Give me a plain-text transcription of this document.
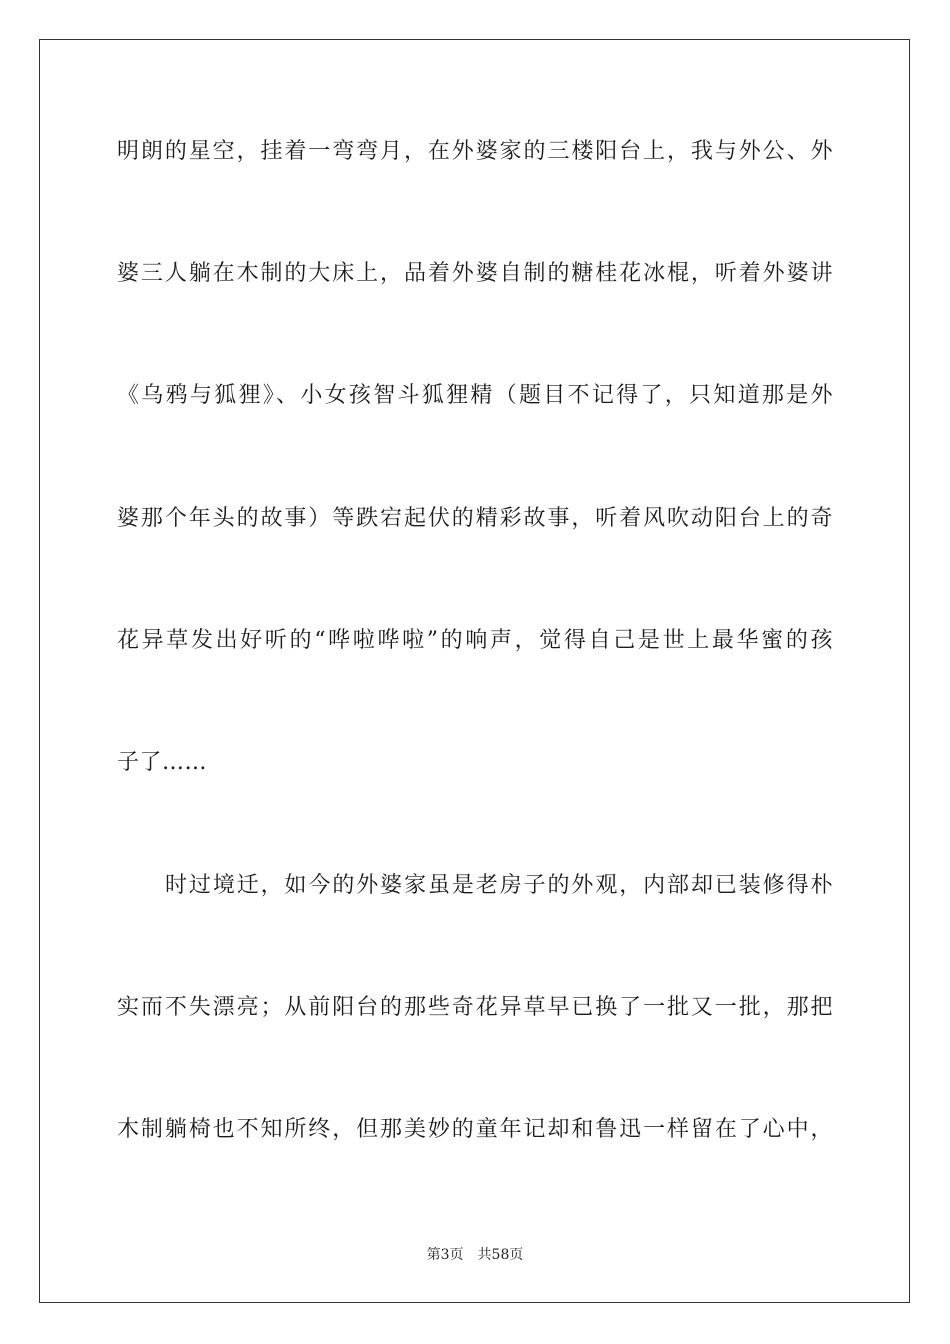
明朗的星空，挂着一弯弯月，在外婆家的三楼阳台上，我与外公、外
婆三人躺在木制的大床上，品着外婆自制的糖桂花冰棍，听着外婆讲
《乌鸦与狐狸》、小女孩智斗狐狸精（题目不记得了，只知道那是外
婆那个年头的故事）等跌宕起伏的精彩故事，听着风吹动阳台上的奇
花异草发出好听的“哗啦哗啦”的响声，觉得自己是世上最华蜜的孩
子了……
时过境迁，如今的外婆家虽是老房子的外观，内部却已装修得朴
实而不失漂亮；从前阳台的那些奇花异草早已换了一批又一批，那把
木制躺椅也不知所终，但那美妙的童年记却和鲁迅一样留在了心中，
第3页 共58页
